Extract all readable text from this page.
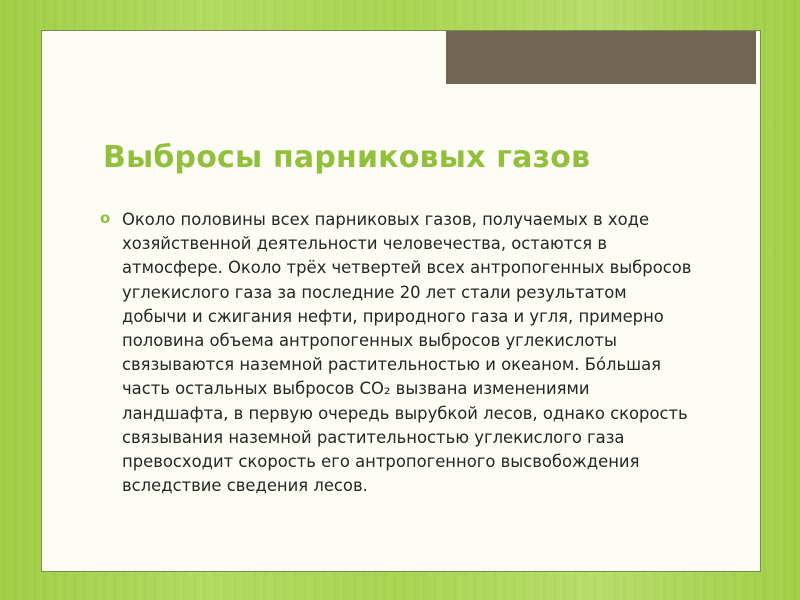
Выбросы парниковых газов
o Около половины всех парниковых газов, получаемых в ходе хозяйственной деятельности человечества, остаются в атмосфере. Около трёх четвертей всех антропогенных выбросов углекислого газа за последние 20 лет стали результатом добычи и сжигания нефти, природного газа и угля, примерно половина объема антропогенных выбросов углекислоты связываются наземной растительностью и океаном. Бо́льшая часть остальных выбросов CO₂ вызвана изменениями ландшафта, в первую очередь вырубкой лесов, однако скорость связывания наземной растительностью углекислого газа превосходит скорость его антропогенного высвобождения вследствие сведения лесов.
